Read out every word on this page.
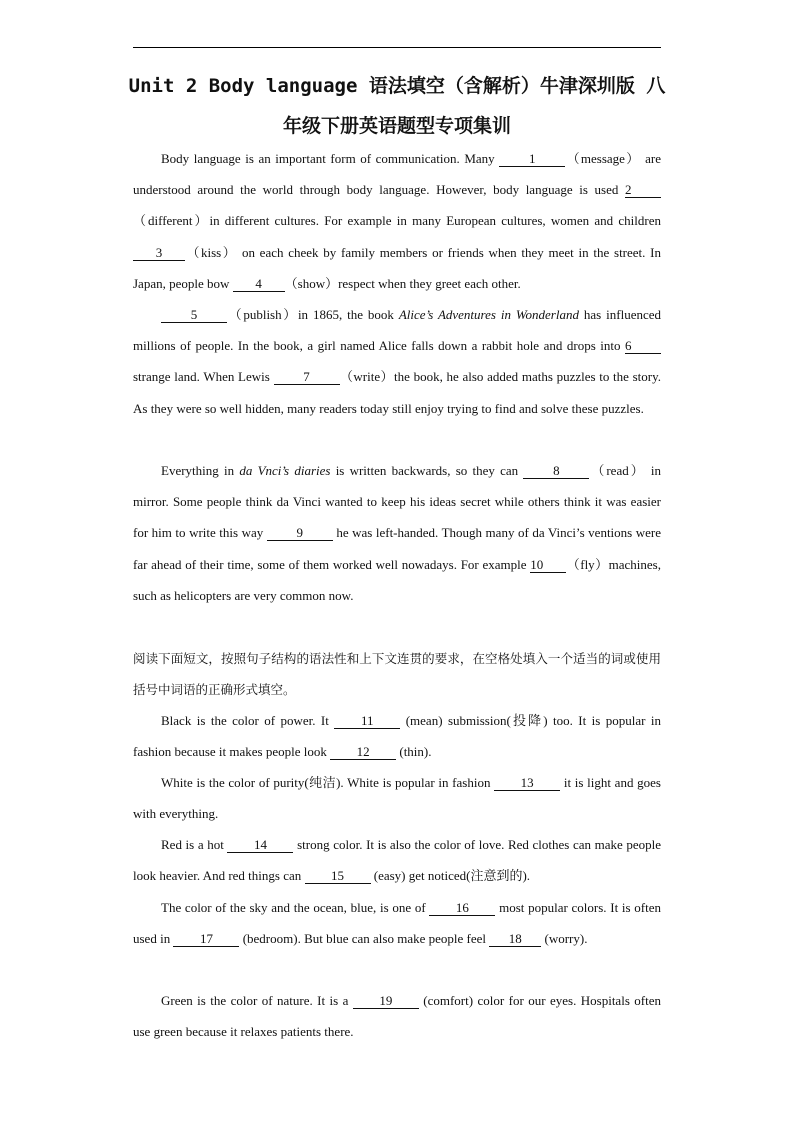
Unit 2 Body language 语法填空（含解析）牛津深圳版 八
年级下册英语题型专项集训

Body language is an important form of communication. Many	1 （message） are understood around the world through body language. However, body language is used 2（different）in different cultures. For example in many European cultures, women and children 3 （kiss） on each cheek by family members or friends when they meet in the street. In Japan, people bow 4 （show）respect when they greet each other.

5 （publish）in 1865, the book Alice’s Adventures in Wonderland has influenced millions of people. In the book, a girl named Alice falls down a rabbit hole and drops into 6 strange land. When Lewis	7 （write）the book, he also added maths puzzles to the story. As they were so well hidden, many readers today still enjoy trying to find and solve these puzzles.

Everything in da Vnci’s diaries is written backwards, so they can	8 （read） in mirror. Some people think da Vinci wanted to keep his ideas secret while others think it was easier for him to write this way	9	he was left-handed. Though many of da Vinci’s ventions were far ahead of their time, some of them worked well nowadays. For example 10 （fly）machines, such as helicopters are very common now.

阅读下面短文，按照句子结构的语法性和上下文连贯的要求，在空格处填入一个适当的词或使用括号中词语的正确形式填空。

Black is the color of power. It 11 (mean) submission(投降) too. It is popular in fashion because it makes people look 12 (thin).

White is the color of purity(纯洁). White is popular in fashion 13 it is light and goes with everything.

Red is a hot 14 strong color. It is also the color of love. Red clothes can make people look heavier. And red things can 15 (easy) get noticed(注意到的).

The color of the sky and the ocean, blue, is one of 16 most popular colors. It is often used in 17 (bedroom). But blue can also make people feel 18 (worry).

Green is the color of nature. It is a 19 (comfort) color for our eyes. Hospitals often use green because it relaxes patients there.
